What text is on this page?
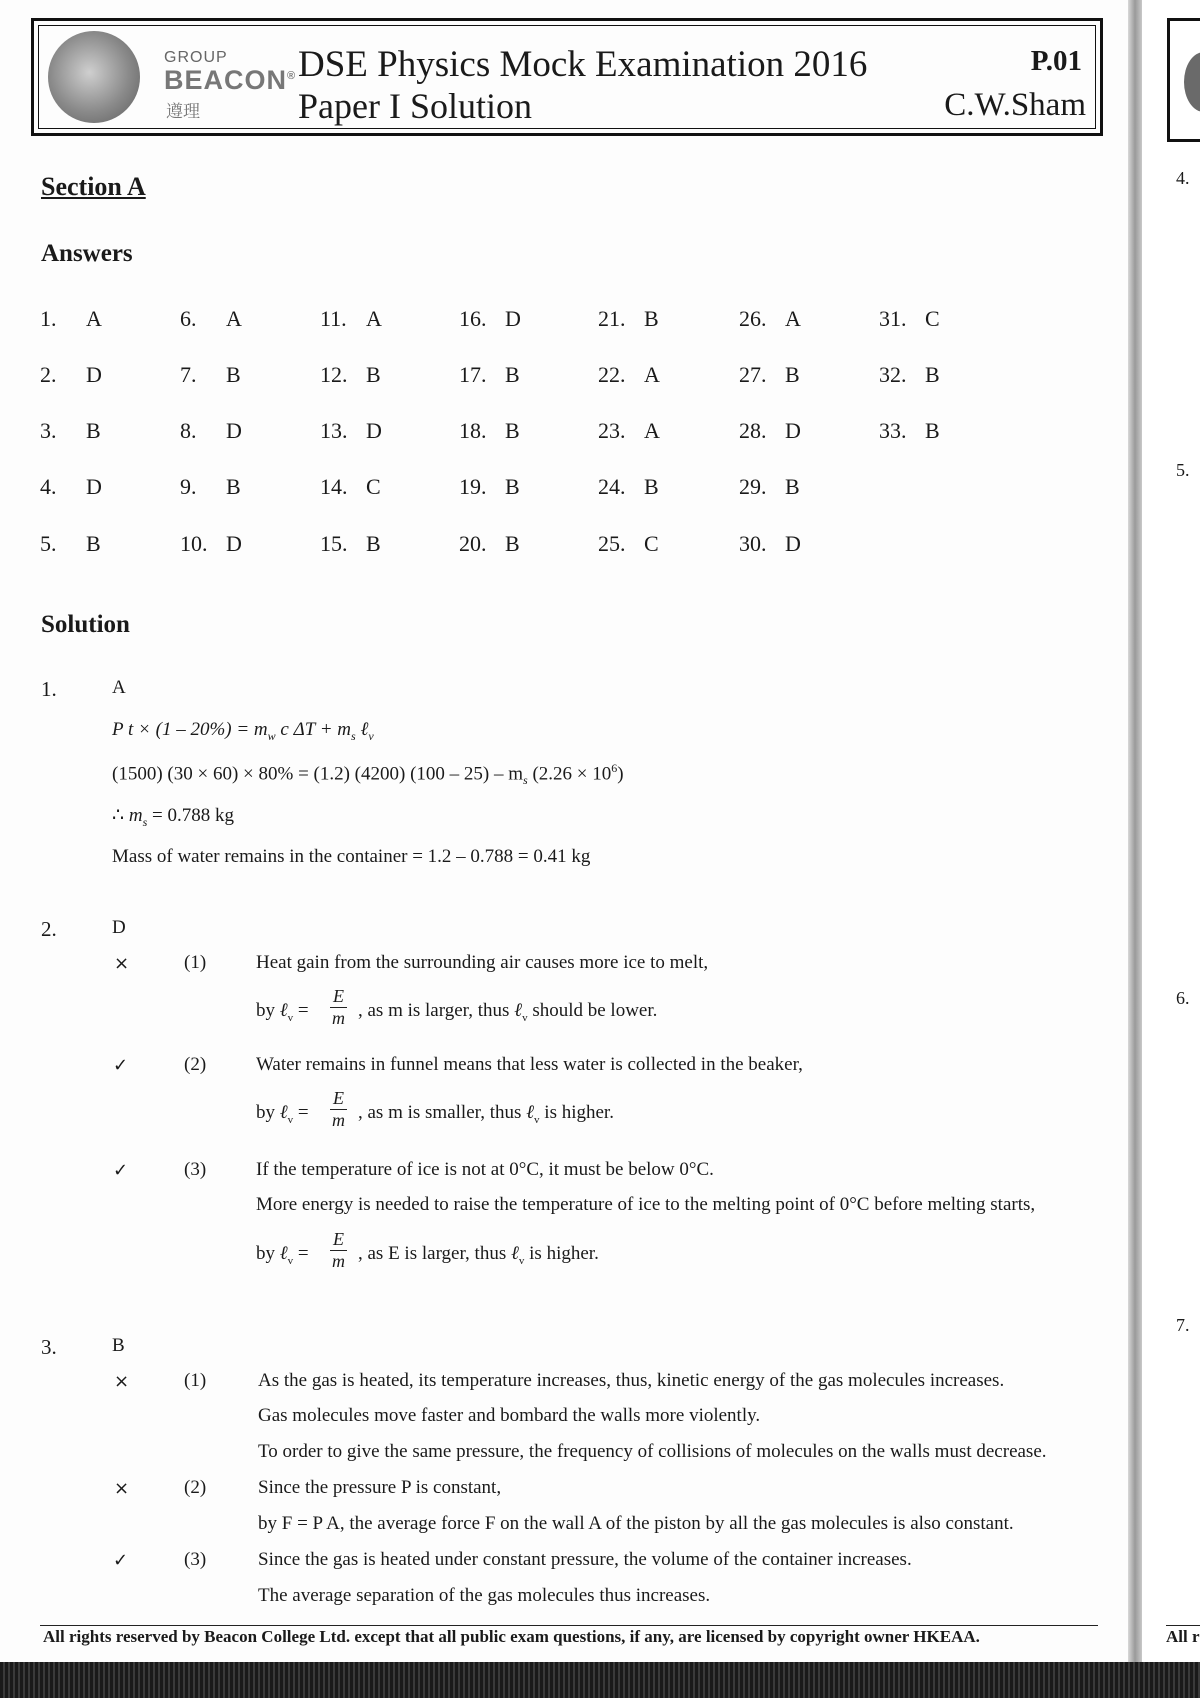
GROUP
BEACON®
遵理
DSE Physics Mock Examination 2016
Paper I Solution
P.01
C.W.Sham
Section A
Answers
1. A	6. A	11. A	16. D	21. B	26. A	31. C
2. D	7. B	12. B	17. B	22. A	27. B	32. B
3. B	8. D	13. D	18. B	23. A	28. D	33. B
4. D	9. B	14. C	19. B	24. B	29. B
5. B	10. D	15. B	20. B	25. C	30. D
Solution
1.	A
P $t \times (1 - 20\%) = m_w$ c $\Delta T + m_s$ ℓ$_v$
(1500) (30 × 60) × 80% = (1.2) (4200) $(100 - 25) - m_s$ $(2.26 \times 10^6)$
∴ $m_s = 0.788$ kg
Mass of water remains in the container = 1.2 – 0.788 = 0.41 kg
2.	D
×	(1)	Heat gain from the surrounding air causes more ice to melt,
by ℓ$_v$ = $\frac{E}{m}$ , as m is larger, thus ℓ$_v$ should be lower.
✓	(2)	Water remains in funnel means that less water is collected in the beaker,
by ℓ$_v$ = $\frac{E}{m}$ , as m is smaller, thus ℓ$_v$ is higher.
✓	(3)	If the temperature of ice is not at 0°C, it must be below 0°C.
More energy is needed to raise the temperature of ice to the melting point of 0°C before melting starts,
by ℓ$_v$ = $\frac{E}{m}$ , as E is larger, thus ℓ$_v$ is higher.
3.	B
×	(1)	As the gas is heated, its temperature increases, thus, kinetic energy of the gas molecules increases.
Gas molecules move faster and bombard the walls more violently.
To order to give the same pressure, the frequency of collisions of molecules on the walls must decrease.
×	(2)	Since the pressure P is constant,
by F = P A, the average force F on the wall A of the piston by all the gas molecules is also constant.
✓	(3)	Since the gas is heated under constant pressure, the volume of the container increases.
The average separation of the gas molecules thus increases.
All rights reserved by Beacon College Ltd. except that all public exam questions, if any, are licensed by copyright owner HKEAA.
4.
5.
6.
7.
All r
